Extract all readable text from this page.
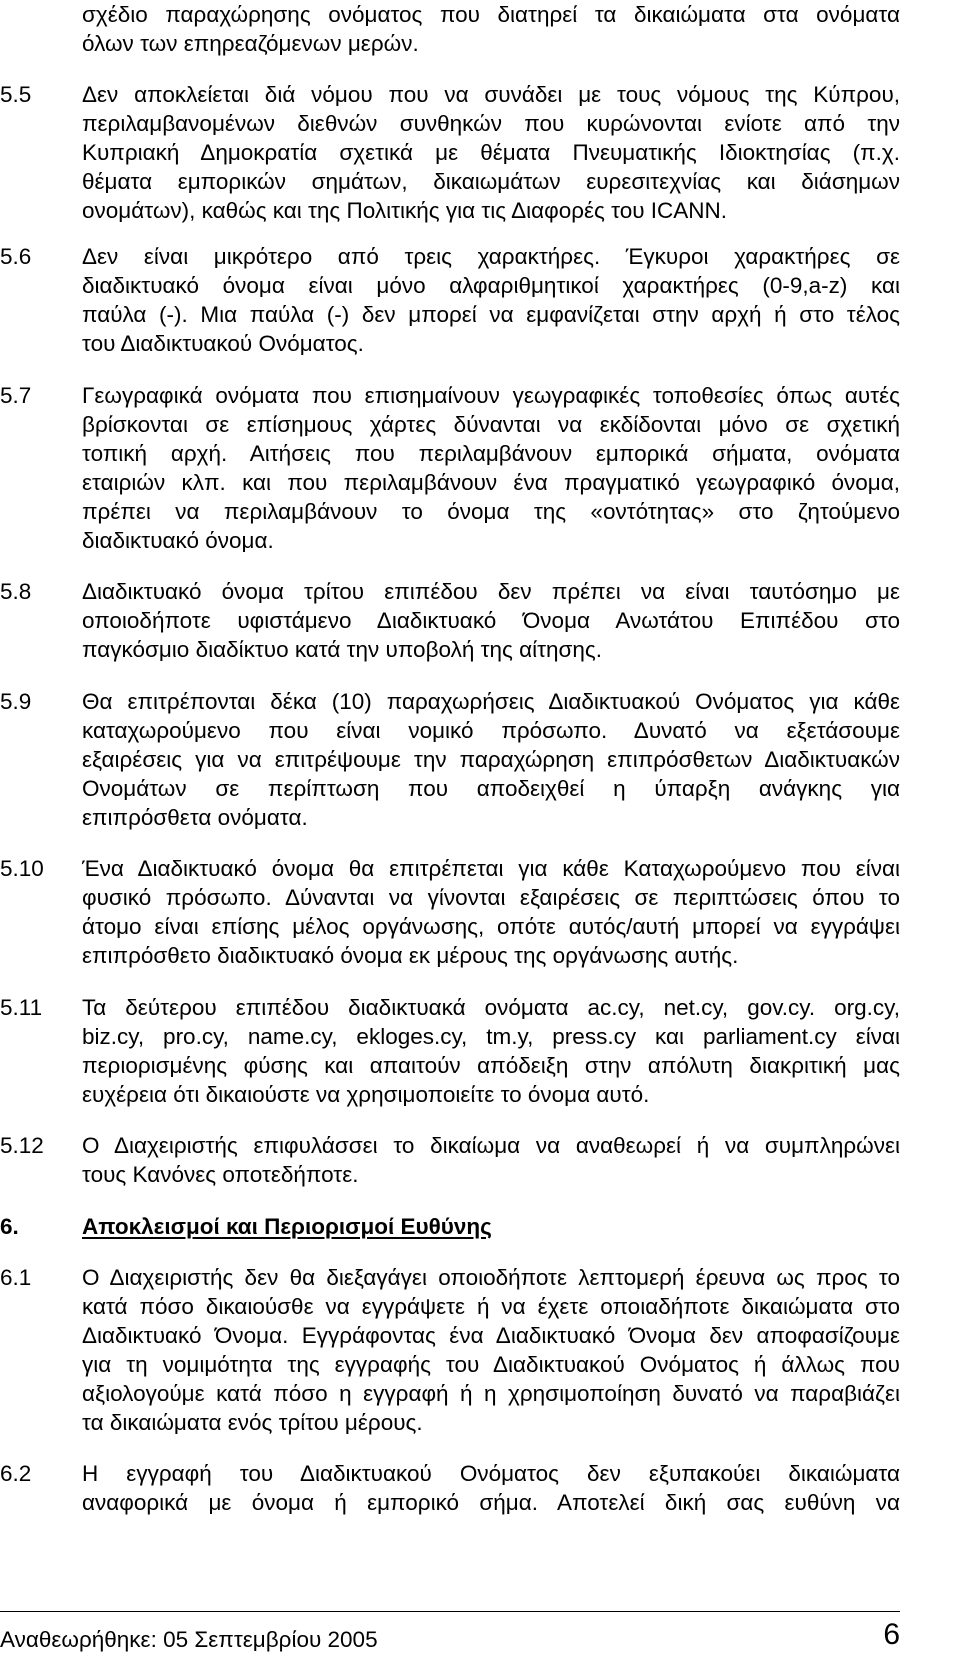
σχέδιο παραχώρησης ονόματος που διατηρεί τα δικαιώματα στα ονόματα
όλων των επηρεαζόμενων μερών.
5.5	Δεν αποκλείεται διά νόμου που να συνάδει με τους νόμους της Κύπρου,
περιλαμβανομένων διεθνών συνθηκών που κυρώνονται ενίοτε από την
Κυπριακή Δημοκρατία σχετικά με θέματα Πνευματικής Ιδιοκτησίας (π.χ.
θέματα εμπορικών σημάτων, δικαιωμάτων ευρεσιτεχνίας και διάσημων
ονομάτων), καθώς και της Πολιτικής για τις Διαφορές του ICANN.
5.6	Δεν είναι μικρότερο από τρεις χαρακτήρες. Έγκυροι χαρακτήρες σε
διαδικτυακό όνομα είναι μόνο αλφαριθμητικοί χαρακτήρες (0-9,a-z) και
παύλα (-). Μια παύλα (-) δεν μπορεί να εμφανίζεται στην αρχή ή στο τέλος
του Διαδικτυακού Ονόματος.
5.7	Γεωγραφικά ονόματα που επισημαίνουν γεωγραφικές τοποθεσίες όπως αυτές
βρίσκονται σε επίσημους χάρτες δύνανται να εκδίδονται μόνο σε σχετική
τοπική αρχή. Αιτήσεις που περιλαμβάνουν εμπορικά σήματα, ονόματα
εταιριών κλπ. και που περιλαμβάνουν ένα πραγματικό γεωγραφικό όνομα,
πρέπει να περιλαμβάνουν το όνομα της «οντότητας» στο ζητούμενο
διαδικτυακό όνομα.
5.8	Διαδικτυακό όνομα τρίτου επιπέδου δεν πρέπει να είναι ταυτόσημο με
οποιοδήποτε υφιστάμενο Διαδικτυακό Όνομα Ανωτάτου Επιπέδου στο
παγκόσμιο διαδίκτυο κατά την υποβολή της αίτησης.
5.9	Θα επιτρέπονται δέκα (10) παραχωρήσεις Διαδικτυακού Ονόματος για κάθε
καταχωρούμενο που είναι νομικό πρόσωπο. Δυνατό να εξετάσουμε
εξαιρέσεις για να επιτρέψουμε την παραχώρηση επιπρόσθετων Διαδικτυακών
Ονομάτων σε περίπτωση που αποδειχθεί η ύπαρξη ανάγκης για
επιπρόσθετα ονόματα.
5.10	Ένα Διαδικτυακό όνομα θα επιτρέπεται για κάθε Καταχωρούμενο που είναι
φυσικό πρόσωπο. Δύνανται να γίνονται εξαιρέσεις σε περιπτώσεις όπου το
άτομο είναι επίσης μέλος οργάνωσης, οπότε αυτός/αυτή μπορεί να εγγράψει
επιπρόσθετο διαδικτυακό όνομα εκ μέρους της οργάνωσης αυτής.
5.11	Τα δεύτερου επιπέδου διαδικτυακά ονόματα ac.cy, net.cy, gov.cy. org.cy,
biz.cy, pro.cy, name.cy, ekloges.cy, tm.y, press.cy και parliament.cy είναι
περιορισμένης φύσης και απαιτούν απόδειξη στην απόλυτη διακριτική μας
ευχέρεια ότι δικαιούστε να χρησιμοποιείτε το όνομα αυτό.
5.12	Ο Διαχειριστής επιφυλάσσει το δικαίωμα να αναθεωρεί ή να συμπληρώνει
τους Κανόνες οποτεδήποτε.
6.	Αποκλεισμοί και Περιορισμοί Ευθύνης
6.1	Ο Διαχειριστής δεν θα διεξαγάγει οποιοδήποτε λεπτομερή έρευνα ως προς το
κατά πόσο δικαιούσθε να εγγράψετε ή να έχετε οποιαδήποτε δικαιώματα στο
Διαδικτυακό Όνομα. Εγγράφοντας ένα Διαδικτυακό Όνομα δεν αποφασίζουμε
για τη νομιμότητα της εγγραφής του Διαδικτυακού Ονόματος ή άλλως που
αξιολογούμε κατά πόσο η εγγραφή ή η χρησιμοποίηση δυνατό να παραβιάζει
τα δικαιώματα ενός τρίτου μέρους.
6.2	Η εγγραφή του Διαδικτυακού Ονόματος δεν εξυπακούει δικαιώματα
αναφορικά με όνομα ή εμπορικό σήμα. Αποτελεί δική σας ευθύνη να
Αναθεωρήθηκε: 05 Σεπτεμβρίου 2005	6
